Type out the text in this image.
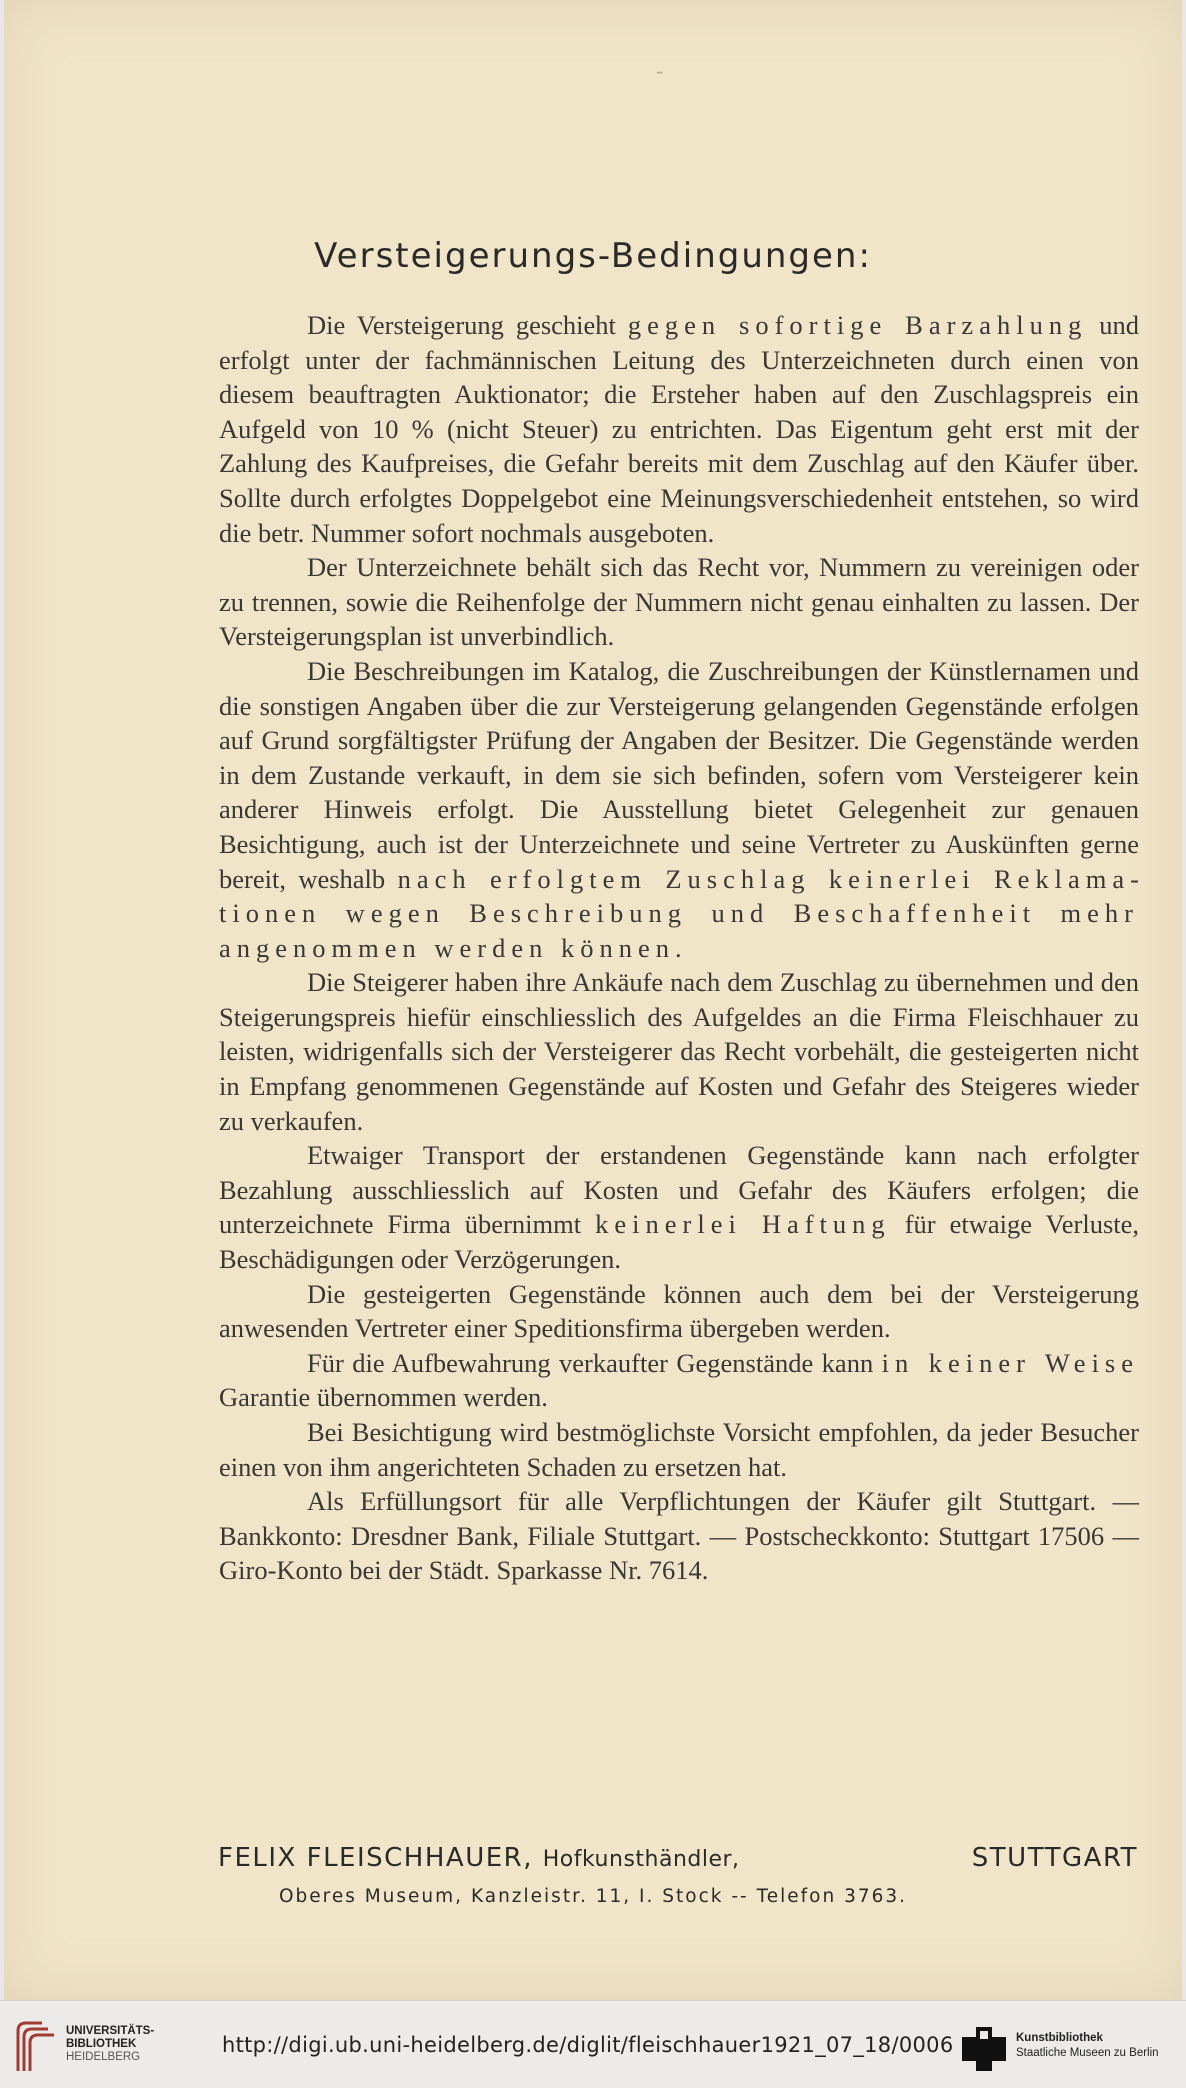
-
Versteigerungs-Bedingungen:

Die Versteigerung geschieht gegen sofortige Barzahlung und erfolgt unter der fachmännischen Leitung des Unterzeichneten durch einen von diesem beauftragten Auktionator; die Ersteher haben auf den Zuschlagspreis ein Aufgeld von 10 % (nicht Steuer) zu entrichten. Das Eigentum geht erst mit der Zahlung des Kaufpreises, die Gefahr bereits mit dem Zuschlag auf den Käufer über. Sollte durch erfolgtes Doppelgebot eine Meinungsverschiedenheit entstehen, so wird die betr. Nummer sofort nochmals ausgeboten.

Der Unterzeichnete behält sich das Recht vor, Nummern zu vereinigen oder zu trennen, sowie die Reihenfolge der Nummern nicht genau einhalten zu lassen. Der Versteigerungsplan ist unverbindlich.

Die Beschreibungen im Katalog, die Zuschreibungen der Künstlernamen und die sonstigen Angaben über die zur Versteigerung gelangenden Gegenstände erfolgen auf Grund sorgfältigster Prüfung der Angaben der Besitzer. Die Gegenstände werden in dem Zustande verkauft, in dem sie sich befinden, sofern vom Versteigerer kein anderer Hinweis erfolgt. Die Ausstellung bietet Gelegenheit zur genauen Besichtigung, auch ist der Unterzeichnete und seine Vertreter zu Auskünften gerne bereit, weshalb nach erfolgtem Zuschlag keinerlei Reklamationen wegen Beschreibung und Beschaffenheit mehr angenommen werden können.

Die Steigerer haben ihre Ankäufe nach dem Zuschlag zu übernehmen und den Steigerungspreis hiefür einschliesslich des Aufgeldes an die Firma Fleischhauer zu leisten, widrigenfalls sich der Versteigerer das Recht vorbehält, die gesteigerten nicht in Empfang genommenen Gegenstände auf Kosten und Gefahr des Steigeres wieder zu verkaufen.

Etwaiger Transport der erstandenen Gegenstände kann nach erfolgter Bezahlung ausschliesslich auf Kosten und Gefahr des Käufers erfolgen; die unterzeichnete Firma übernimmt keinerlei Haftung für etwaige Verluste, Beschädigungen oder Verzögerungen.

Die gesteigerten Gegenstände können auch dem bei der Versteigerung anwesenden Vertreter einer Speditionsfirma übergeben werden.

Für die Aufbewahrung verkaufter Gegenstände kann in keiner Weise Garantie übernommen werden.

Bei Besichtigung wird bestmöglichste Vorsicht empfohlen, da jeder Besucher einen von ihm angerichteten Schaden zu ersetzen hat.

Als Erfüllungsort für alle Verpflichtungen der Käufer gilt Stuttgart. — Bankkonto: Dresdner Bank, Filiale Stuttgart. — Postscheckkonto: Stuttgart 17506 — Giro-Konto bei der Städt. Sparkasse Nr. 7614.

FELIX FLEISCHHAUER, Hofkunsthändler,	STUTTGART
Oberes Museum, Kanzleistr. 11, I. Stock -- Telefon 3763.
UNIVERSITÄTS-
BIBLIOTHEK
HEIDELBERG	http://digi.ub.uni-heidelberg.de/diglit/fleischhauer1921_07_18/0006	Kunstbibliothek
Staatliche Museen zu Berlin
